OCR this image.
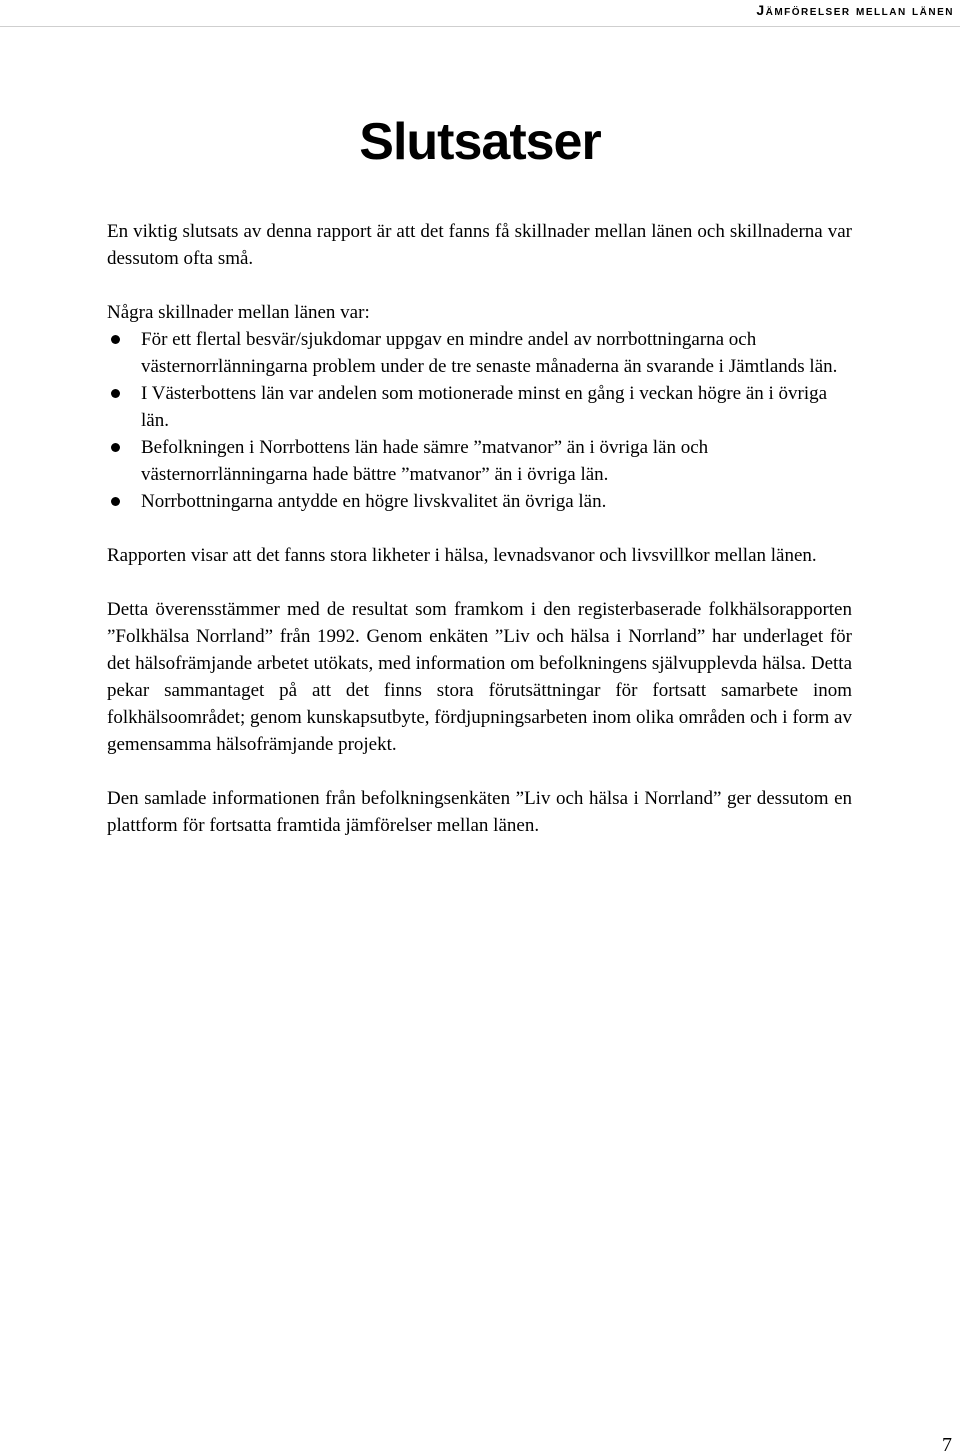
Jämförelser mellan länen
Slutsatser

En viktig slutsats av denna rapport är att det fanns få skillnader mellan länen och skillnaderna var dessutom ofta små.

Några skillnader mellan länen var:

För ett flertal besvär/sjukdomar uppgav en mindre andel av norrbottningarna och västernorrlänningarna problem under de tre senaste månaderna än svarande i Jämtlands län.
I Västerbottens län var andelen som motionerade minst en gång i veckan högre än i övriga län.
Befolkningen i Norrbottens län hade sämre ”matvanor” än i övriga län och västernorrlänningarna hade bättre ”matvanor” än i övriga län.
Norrbottningarna antydde en högre livskvalitet än övriga län.

Rapporten visar att det fanns stora likheter i hälsa, levnadsvanor och livsvillkor mellan länen.

Detta överensstämmer med de resultat som framkom i den registerbaserade folkhälsorapporten ”Folkhälsa Norrland” från 1992. Genom enkäten ”Liv och hälsa i Norrland” har underlaget för det hälsofrämjande arbetet utökats, med information om befolkningens självupplevda hälsa. Detta pekar sammantaget på att det finns stora förutsättningar för fortsatt samarbete inom folkhälsoområdet; genom kunskapsutbyte, fördjupningsarbeten inom olika områden och i form av gemensamma hälsofrämjande projekt.

Den samlade informationen från befolkningsenkäten ”Liv och hälsa i Norrland” ger dessutom en plattform för fortsatta framtida jämförelser mellan länen.

7
